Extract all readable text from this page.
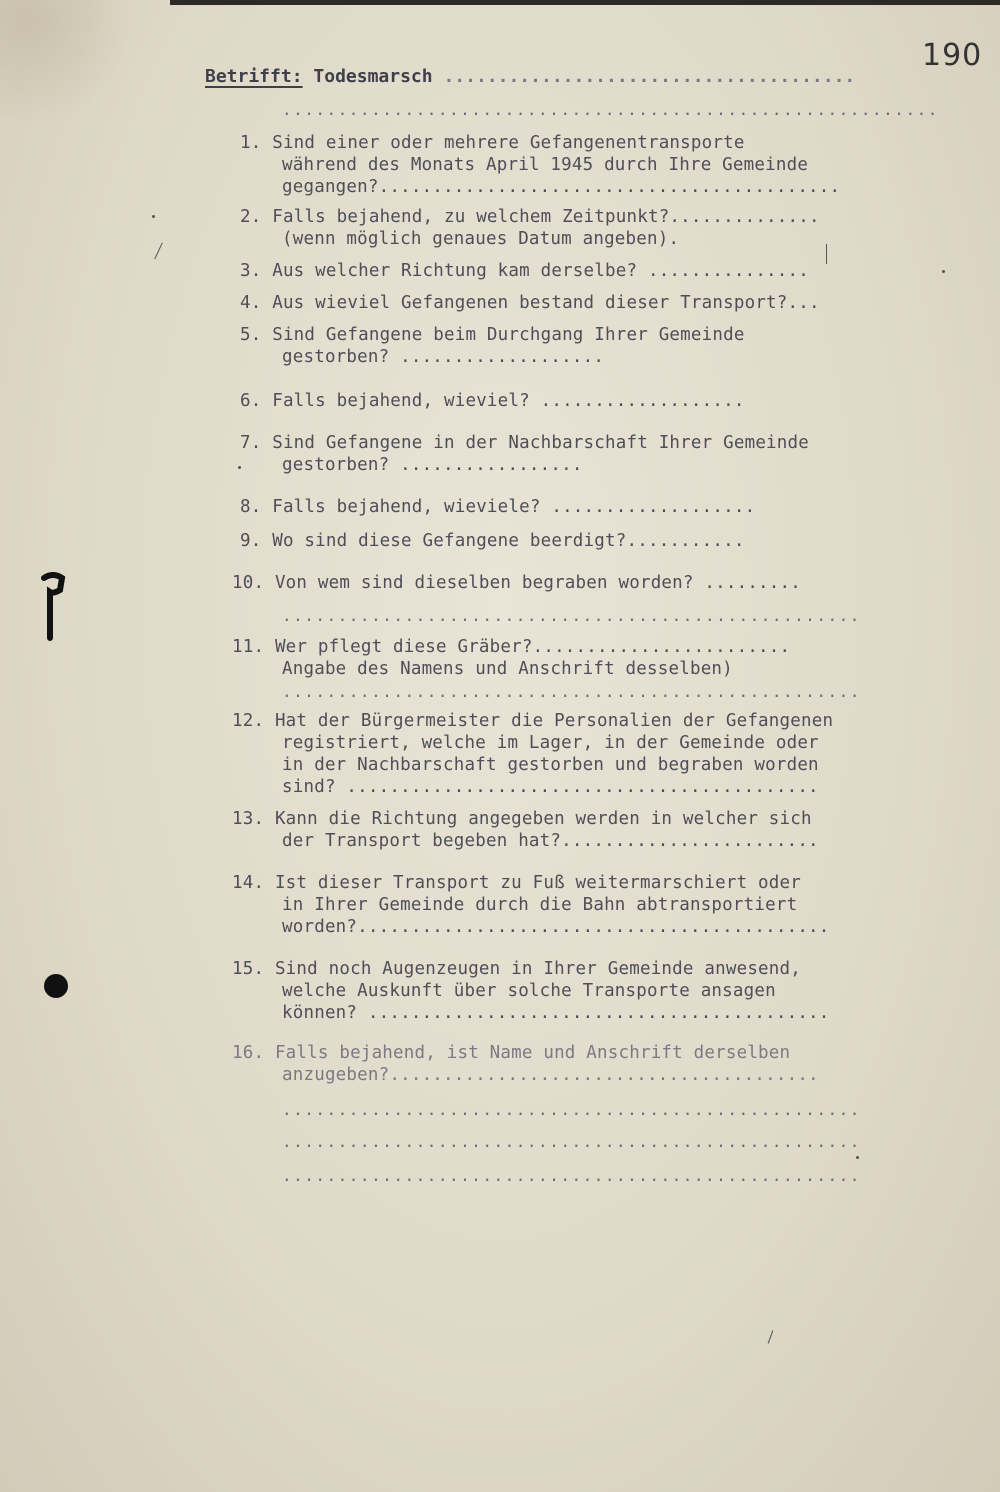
190
Betrifft: Todesmarsch ......................................
...........................................................
1. Sind einer oder mehrere Gefangenentransporte
während des Monats April 1945 durch Ihre Gemeinde
gegangen?...........................................
2. Falls bejahend, zu welchem Zeitpunkt?..............
(wenn möglich genaues Datum angeben).
3. Aus welcher Richtung kam derselbe? ...............
4. Aus wieviel Gefangenen bestand dieser Transport?...
5. Sind Gefangene beim Durchgang Ihrer Gemeinde
gestorben? ...................
6. Falls bejahend, wieviel? ...................
7. Sind Gefangene in der Nachbarschaft Ihrer Gemeinde
gestorben? .................
8. Falls bejahend, wieviele? ...................
9. Wo sind diese Gefangene beerdigt?...........
10. Von wem sind dieselben begraben worden? .........
....................................................
11. Wer pflegt diese Gräber?........................
Angabe des Namens und Anschrift desselben)
....................................................
12. Hat der Bürgermeister die Personalien der Gefangenen
registriert, welche im Lager, in der Gemeinde oder
in der Nachbarschaft gestorben und begraben worden
sind? ............................................
13. Kann die Richtung angegeben werden in welcher sich
der Transport begeben hat?........................
14. Ist dieser Transport zu Fuß weitermarschiert oder
in Ihrer Gemeinde durch die Bahn abtransportiert
worden?............................................
15. Sind noch Augenzeugen in Ihrer Gemeinde anwesend,
welche Auskunft über solche Transporte ansagen
können? ...........................................
16. Falls bejahend, ist Name und Anschrift derselben
anzugeben?........................................
....................................................
....................................................
....................................................
